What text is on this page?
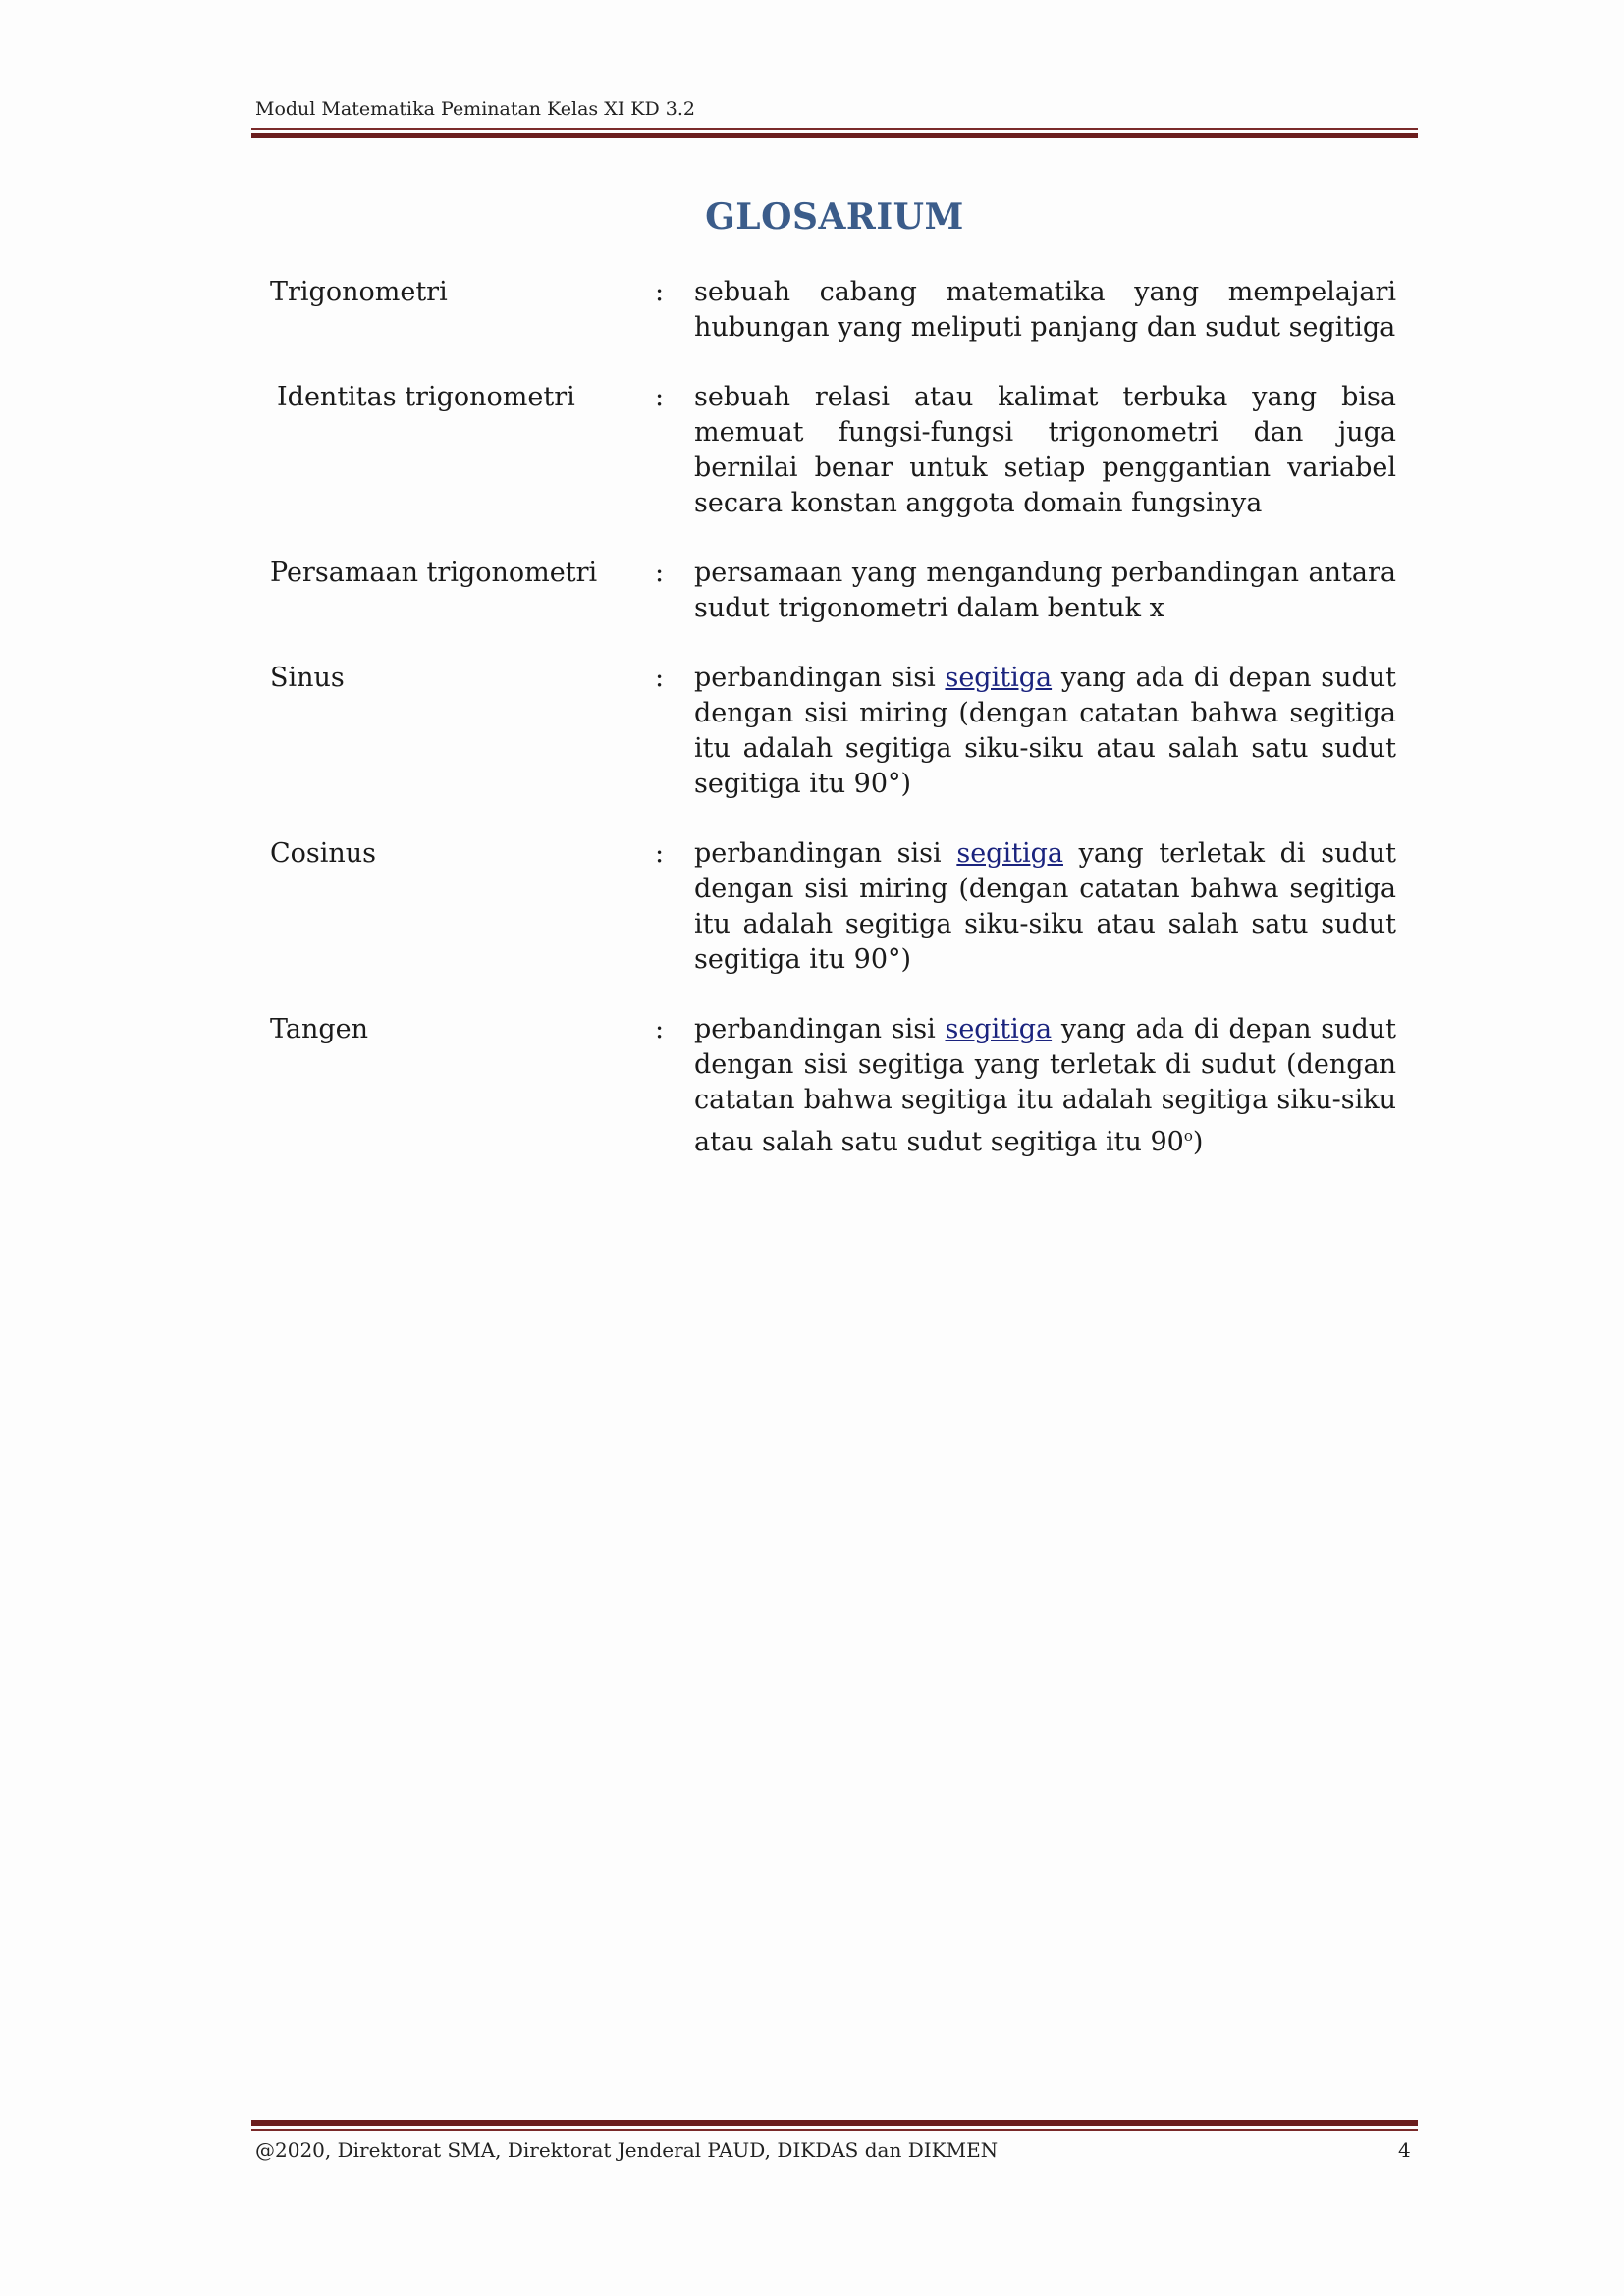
Modul Matematika Peminatan Kelas XI KD 3.2
GLOSARIUM
Trigonometri	:	sebuah cabang matematika yang mempelajari hubungan yang meliputi panjang dan sudut segitiga
Identitas trigonometri	:	sebuah relasi atau kalimat terbuka yang bisa memuat fungsi-fungsi trigonometri dan juga bernilai benar untuk setiap penggantian variabel secara konstan anggota domain fungsinya
Persamaan trigonometri	:	persamaan yang mengandung perbandingan antara sudut trigonometri dalam bentuk x
Sinus	:	perbandingan sisi segitiga yang ada di depan sudut dengan sisi miring (dengan catatan bahwa segitiga itu adalah segitiga siku-siku atau salah satu sudut segitiga itu 90°)
Cosinus	:	perbandingan sisi segitiga yang terletak di sudut dengan sisi miring (dengan catatan bahwa segitiga itu adalah segitiga siku-siku atau salah satu sudut segitiga itu 90°)
Tangen	:	perbandingan sisi segitiga yang ada di depan sudut dengan sisi segitiga yang terletak di sudut (dengan catatan bahwa segitiga itu adalah segitiga siku-siku atau salah satu sudut segitiga itu 90$^o$)
@2020, Direktorat SMA, Direktorat Jenderal PAUD, DIKDAS dan DIKMEN	4
